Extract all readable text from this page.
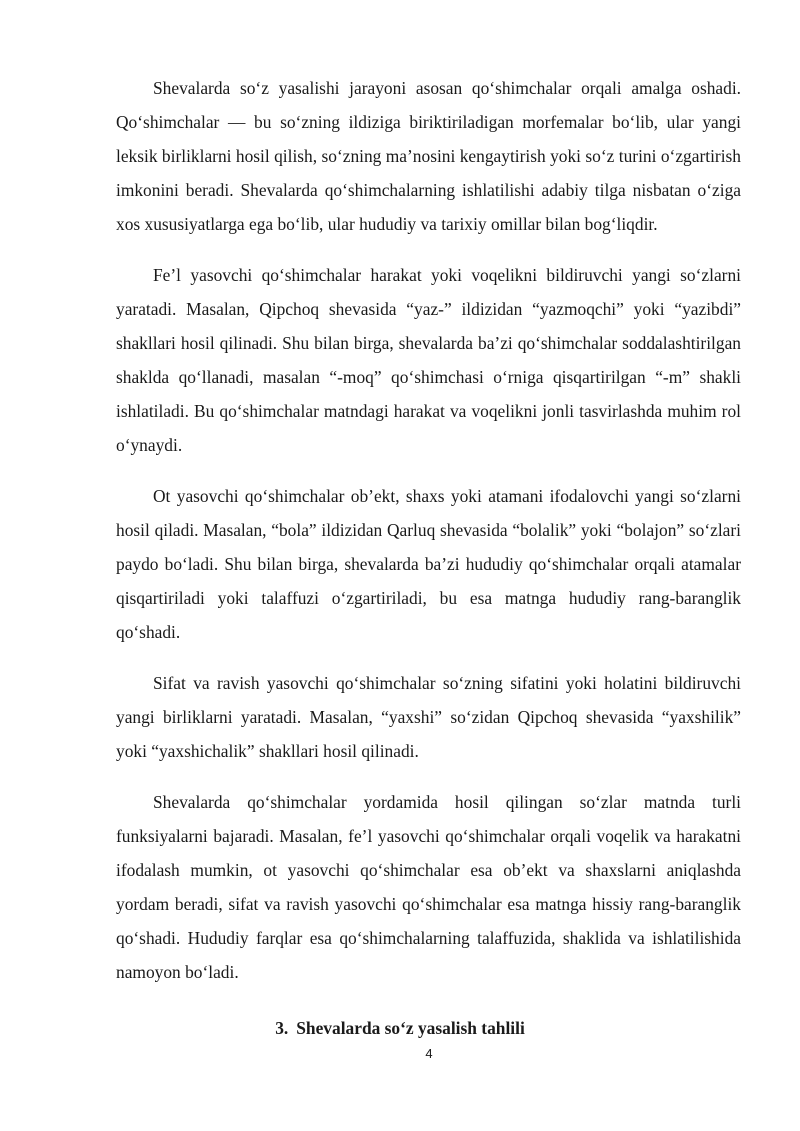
Shevalarda so‘z yasalishi jarayoni asosan qo‘shimchalar orqali amalga oshadi. Qo‘shimchalar — bu so‘zning ildiziga biriktiriladigan morfemalar bo‘lib, ular yangi leksik birliklarni hosil qilish, so‘zning ma’nosini kengaytirish yoki so‘z turini o‘zgartirish imkonini beradi. Shevalarda qo‘shimchalarning ishlatilishi adabiy tilga nisbatan o‘ziga xos xususiyatlarga ega bo‘lib, ular hududiy va tarixiy omillar bilan bog‘liqdir.

Fe’l yasovchi qo‘shimchalar harakat yoki voqelikni bildiruvchi yangi so‘zlarni yaratadi. Masalan, Qipchoq shevasida “yaz-” ildizidan “yazmoqchi” yoki “yazibdi” shakllari hosil qilinadi. Shu bilan birga, shevalarda ba’zi qo‘shimchalar soddalashtirilgan shaklda qo‘llanadi, masalan “-moq” qo‘shimchasi o‘rniga qisqartirilgan “-m” shakli ishlatiladi. Bu qo‘shimchalar matndagi harakat va voqelikni jonli tasvirlashda muhim rol o‘ynaydi.

Ot yasovchi qo‘shimchalar ob’ekt, shaxs yoki atamani ifodalovchi yangi so‘zlarni hosil qiladi. Masalan, “bola” ildizidan Qarluq shevasida “bolalik” yoki “bolajon” so‘zlari paydo bo‘ladi. Shu bilan birga, shevalarda ba’zi hududiy qo‘shimchalar orqali atamalar qisqartiriladi yoki talaffuzi o‘zgartiriladi, bu esa matnga hududiy rang-baranglik qo‘shadi.

Sifat va ravish yasovchi qo‘shimchalar so‘zning sifatini yoki holatini bildiruvchi yangi birliklarni yaratadi. Masalan, “yaxshi” so‘zidan Qipchoq shevasida “yaxshilik” yoki “yaxshichalik” shakllari hosil qilinadi.

Shevalarda qo‘shimchalar yordamida hosil qilingan so‘zlar matnda turli funksiyalarni bajaradi. Masalan, fe’l yasovchi qo‘shimchalar orqali voqelik va harakatni ifodalash mumkin, ot yasovchi qo‘shimchalar esa ob’ekt va shaxslarni aniqlashda yordam beradi, sifat va ravish yasovchi qo‘shimchalar esa matnga hissiy rang-baranglik qo‘shadi. Hududiy farqlar esa qo‘shimchalarning talaffuzida, shaklida va ishlatilishida namoyon bo‘ladi.

3. Shevalarda so‘z yasalish tahlili
4
